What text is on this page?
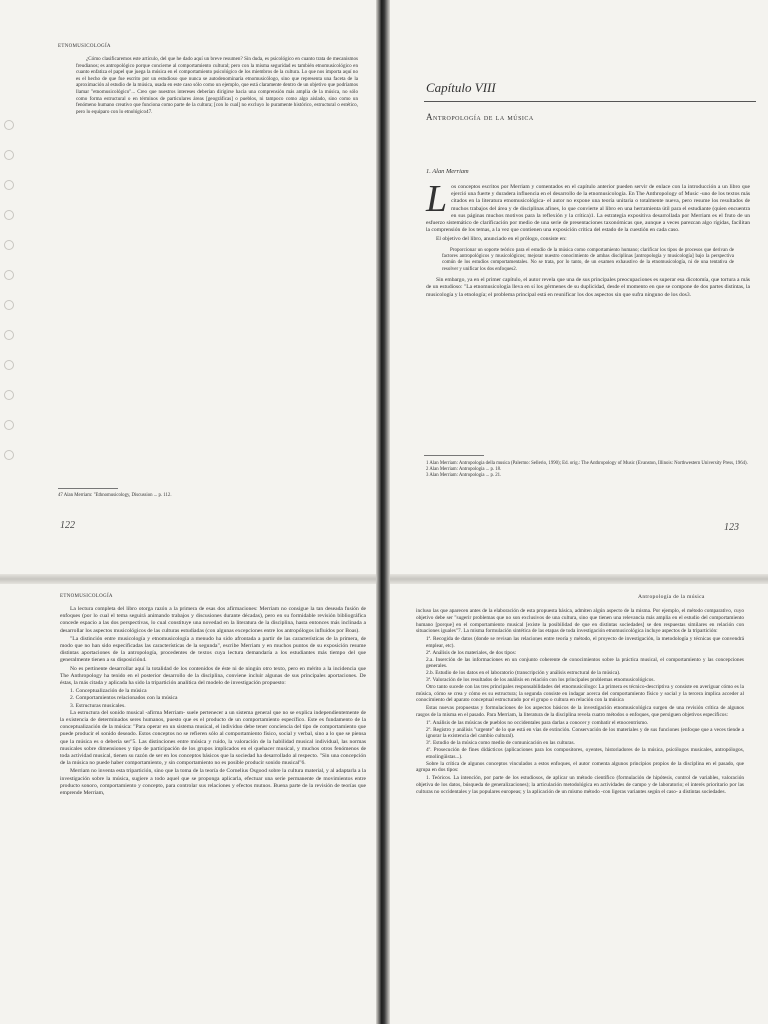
ETNOMUSICOLOGÍA

¿Cómo clasificaremos este artículo, del que he dado aquí un breve resumen? Sin duda, es psicológico en cuanto trata de mecanismos freudianos; es antropológico porque concierne al comportamiento cultural; pero con la misma seguridad es también etnomusicológico en cuanto enfatiza el papel que juega la música en el comportamiento psicológico de los miembros de la cultura. Lo que nos importa aquí no es el hecho de que fue escrito por un estudioso que nunca se autodenominaría etnomusicólogo, sino que representa una faceta de la aproximación al estudio de la música, usada en este caso sólo como un ejemplo, que está claramente dentro de un objetivo que podríamos llamar "etnomusicológico"... Creo que nuestros intereses deberían dirigirse hacia una comprensión más amplia de la música, no sólo como forma estructural o en términos de particulares áreas [geográficas] o pueblos, ni tampoco como algo aislado, sino como un fenómeno humano creativo que funciona como parte de la cultura; [con lo cual] no excluyo lo puramente histórico, estructural o estético, pero lo equiparo con lo etnológico47.

47 Alan Merriam: "Ethnomusicology, Discussion ... p. 112.
122
Capítulo VIII
Antropología de la música
1. Alan Merriam
L os conceptos escritos por Merriam y comentados en el capítulo anterior pueden servir de enlace con la introducción a un libro que ejerció una fuerte y duradera influencia en el desarrollo de la etnomusicología. En The Anthropology of Music -uno de los textos más citados en la literatura etnomusicológica- el autor no expone una teoría unitaria o totalmente nueva, pero resume los resultados de muchos trabajos del área y de disciplinas afines, lo que convierte al libro en una herramienta útil para el estudiante (quien encuentra en sus páginas muchos motivos para la reflexión y la crítica)1. La estrategia expositiva desarrollada por Merriam es el fruto de un esfuerzo sistemático de clarificación por medio de una serie de presentaciones taxonómicas que, aunque a veces parezcan algo rígidas, facilitan la comprensión de los temas, a la vez que contienen una exposición crítica del estado de la cuestión en cada caso.

El objetivo del libro, anunciado en el prólogo, consiste en:

Proporcionar un soporte teórico para el estudio de la música como comportamiento humano; clarificar los tipos de procesos que derivan de factores antropológicos y musicológicos; mejorar nuestro conocimiento de ambas disciplinas [antropología y musicología] bajo la perspectiva común de los estudios comportamentales. No se trata, por lo tanto, de un examen exhaustivo de la etnomusicología, ni de una tentativa de resolver y unificar los dos enfoques2.

Sin embargo, ya en el primer capítulo, el autor revela que una de sus principales preocupaciones es superar esa dicotomía, que tortura a más de un estudioso: "La etnomusicología lleva en sí los gérmenes de su duplicidad, desde el momento en que se compone de dos partes distintas, la musicología y la etnología; el problema principal está en reunificar los dos aspectos sin que sufra ninguno de los dos3.

1 Alan Merriam: Antropologia della musica (Palermo: Sellerio, 1990); Ed. orig.: The Anthropology of Music (Evanston, Illinois: Northwestern University Press, 1964).
2 Alan Merriam: Antropologia ... p. 18.
3 Alan Merriam: Antropologia ... p. 21.
123
ETNOMUSICOLOGÍA

La lectura completa del libro otorga razón a la primera de esas dos afirmaciones: Merriam no consigue la tan deseada fusión de enfoques (por lo cual el tema seguirá animando trabajos y discusiones durante décadas), pero en su formidable revisión bibliográfica concede espacio a las dos perspectivas, lo cual constituye una novedad en la literatura de la disciplina, hasta entonces más inclinada a desarrollar los aspectos musicológicos de las culturas estudiadas (con algunas excepciones entre los antropólogos influidos por Boas).

"La distinción entre musicología y etnomusicología a menudo ha sido afrontada a partir de las características de la primera, de modo que no han sido especificadas las características de la segunda", escribe Merriam y en muchos puntos de su exposición resume distintas aportaciones de la antropología, procedentes de textos cuya lectura demandaría a los estudiantes más tiempo del que generalmente tienen a su disposición4.

No es pertinente desarrollar aquí la totalidad de los contenidos de éste ni de ningún otro texto, pero en mérito a la incidencia que The Anthropology ha tenido en el posterior desarrollo de la disciplina, conviene incluir algunas de sus principales aportaciones. De éstas, la más citada y aplicada ha sido la tripartición analítica del modelo de investigación propuesto:

1. Conceptualización de la música
2. Comportamientos relacionados con la música
3. Estructuras musicales.

La estructura del sonido musical -afirma Merriam- suele pertenecer a un sistema general que no se explica independientemente de la existencia de determinados seres humanos, puesto que es el producto de un comportamiento específico. Este es fundamento de la conceptualización de la música: "Para operar en un sistema musical, el individuo debe tener conciencia del tipo de comportamiento que puede producir el sonido deseado. Estos conceptos no se refieren sólo al comportamiento físico, social y verbal, sino a lo que se piensa que la música es o debería ser"5. Las distinciones entre música y ruido, la valoración de la habilidad musical individual, las normas musicales sobre dimensiones y tipo de participación de los grupos implicados en el quehacer musical, y muchos otros fenómenos de toda actividad musical, tienen su razón de ser en los conceptos básicos que la sociedad ha desarrollado al respecto. "Sin una concepción de la música no puede haber comportamiento, y sin comportamiento no es posible producir sonido musical"6.

Merriam no inventa esta tripartición, sino que la toma de la teoría de Cornelius Osgood sobre la cultura material, y al adaptarla a la investigación sobre la música, sugiere a todo aquel que se proponga aplicarla, efectuar una serie permanente de movimientos entre producto sonoro, comportamiento y concepto, para controlar sus relaciones y efectos mutuos. Buena parte de la revisión de teorías que emprende Merriam,

Antropología de la música

incluso las que aparecen antes de la elaboración de esta propuesta básica, admiten algún aspecto de la misma. Por ejemplo, el método comparativo, cuyo objetivo debe ser "sugerir problemas que no son exclusivos de una cultura, sino que tienen una relevancia más amplia en el estudio del comportamiento humano [porque] en el comportamiento musical [existe la posibilidad de que en distintas sociedades] se den respuestas similares en relación con situaciones iguales"7. La misma formulación sintética de las etapas de toda investigación etnomusicológica incluye aspectos de la tripartición:

1ª. Recogida de datos (donde se revisan las relaciones entre teoría y método, el proyecto de investigación, la metodología y técnicas que convendrá emplear, etc).
2ª. Análisis de los materiales, de dos tipos:
2.a. Inserción de las informaciones en un conjunto coherente de conocimientos sobre la práctica musical, el comportamiento y las concepciones generales.
2.b. Estudio de los datos en el laboratorio (transcripción y análisis estructural de la música).
3ª. Valoración de los resultados de los análisis en relación con los principales problemas etnomusicológicos.

Otro tanto sucede con las tres principales responsabilidades del etnomusicólogo: La primera es técnico-descriptiva y consiste en averiguar cómo es la música, cómo se crea y cómo es su estructura; la segunda consiste en indagar acerca del comportamiento físico y social y la tercera implica acceder al conocimiento del aparato conceptual estructurado por el grupo o cultura en relación con la música

Estas nuevas propuestas y formulaciones de los aspectos básicos de la investigación etnomusicológica surgen de una revisión crítica de algunos rasgos de la misma en el pasado. Para Merriam, la literatura de la disciplina revela cuatro métodos o enfoques, que persiguen objetivos específicos:

1º. Análisis de las músicas de pueblos no occidentales para darlas a conocer y combatir el etnocentrismo.
2º. Registro y análisis "urgente" de lo que está en vías de extinción. Conservación de los materiales y de sus funciones (enfoque que a veces tiende a ignorar la existencia del cambio cultural).
3º. Estudio de la música como medio de comunicación en las culturas.
4º. Prosecución de fines didácticos (aplicaciones para los compositores, oyentes, historiadores de la música, psicólogos musicales, antropólogos, etnolingüistas...).

Sobre la crítica de algunos conceptos vinculados a estos enfoques, el autor comenta algunos principios propios de la disciplina en el pasado, que agrupa en dos tipos:

1. Teóricos. La intención, por parte de los estudiosos, de aplicar un método científico (formulación de hipótesis, control de variables, valoración objetiva de los datos, búsqueda de generalizaciones); la articulación metodológica en actividades de campo y de laboratorio; el interés prioritario por las culturas no occidentales y las populares europeas; y la aplicación de un mismo método -con ligeras variantes según el caso- a distintas sociedades.
